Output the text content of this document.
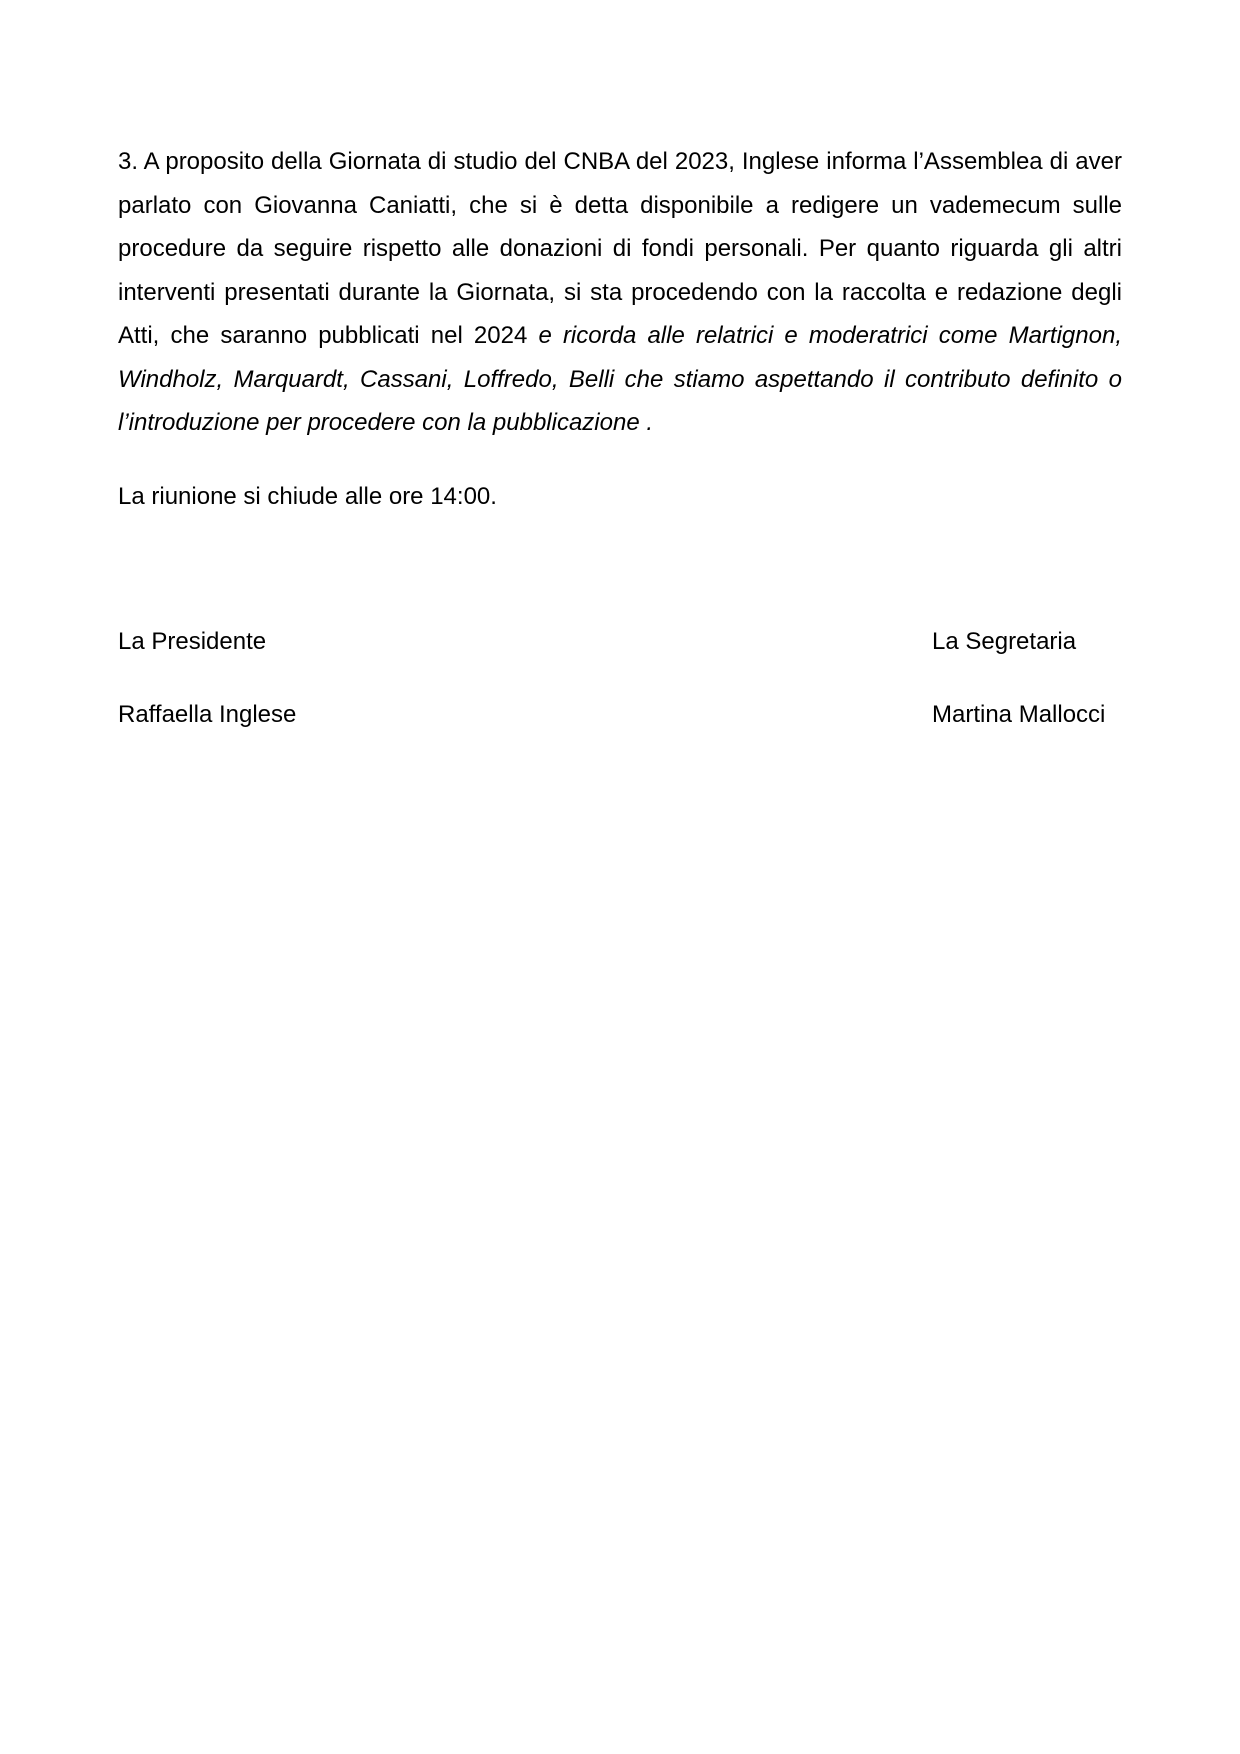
3. A proposito della Giornata di studio del CNBA del 2023, Inglese informa l’Assemblea di aver parlato con Giovanna Caniatti, che si è detta disponibile a redigere un vademecum sulle procedure da seguire rispetto alle donazioni di fondi personali. Per quanto riguarda gli altri interventi presentati durante la Giornata, si sta procedendo con la raccolta e redazione degli Atti, che saranno pubblicati nel 2024 e ricorda alle relatrici e moderatrici come Martignon, Windholz, Marquardt, Cassani, Loffredo, Belli che stiamo aspettando il contributo definito o l’introduzione per procedere con la pubblicazione .

La riunione si chiude alle ore 14:00.

La Presidente	La Segretaria

Raffaella Inglese	Martina Mallocci
